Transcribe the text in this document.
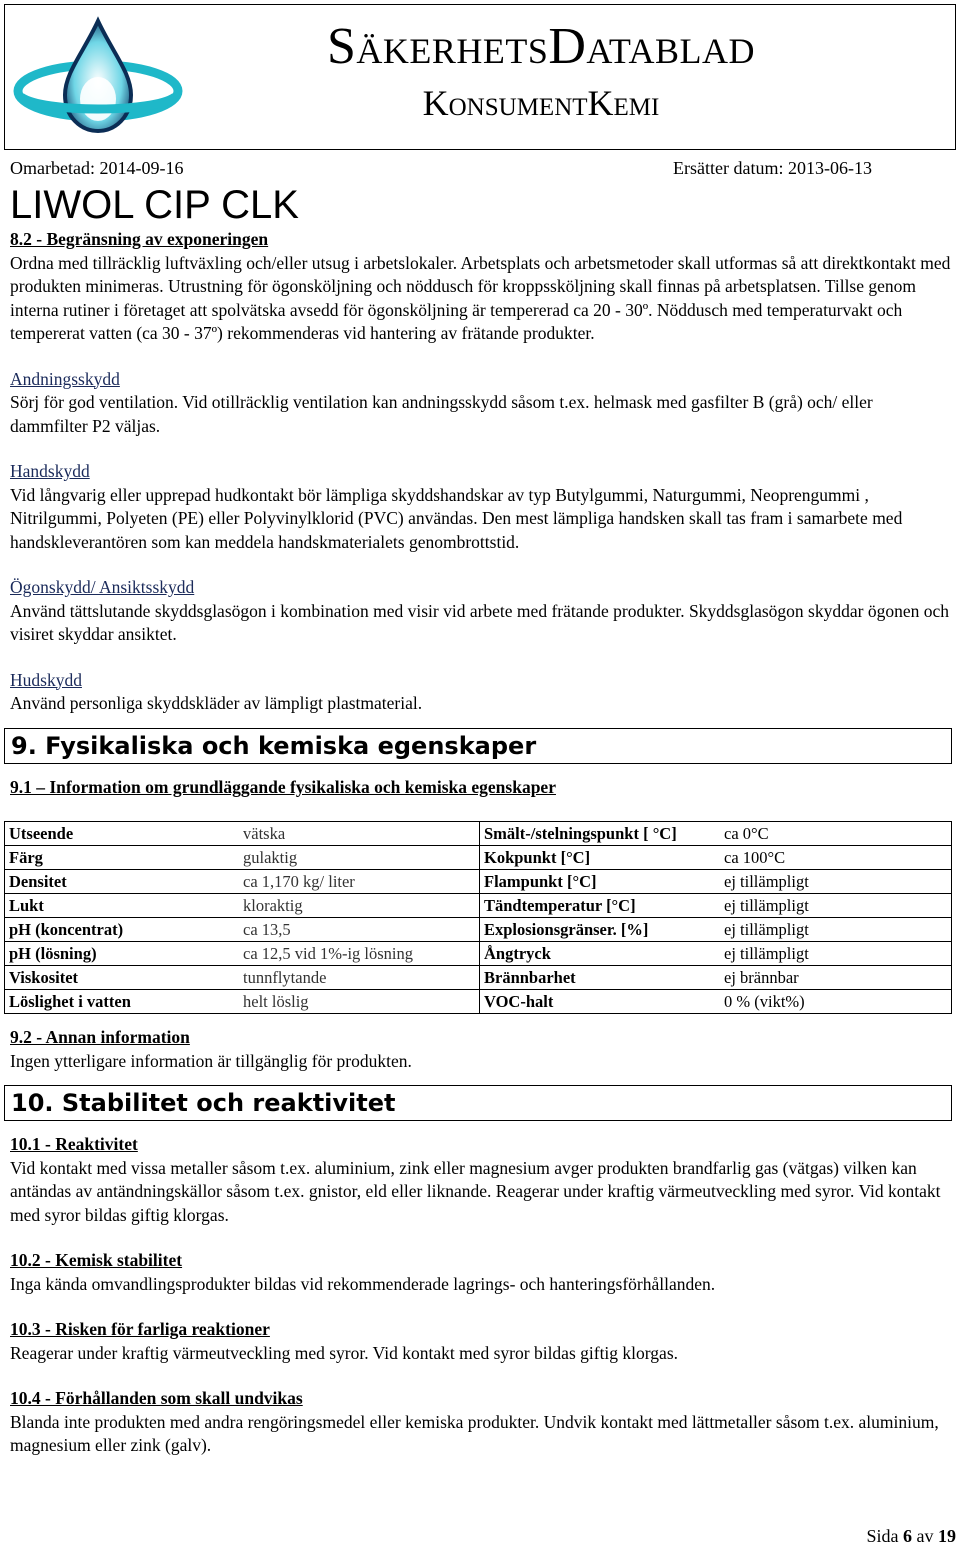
SäkerhetsDatablad
KonsumentKemi
Omarbetad: 2014-09-16	Ersätter datum: 2013-06-13
LIWOL CIP CLK
8.2 - Begränsning av exponeringen

Ordna med tillräcklig luftväxling och/eller utsug i arbetslokaler. Arbetsplats och arbetsmetoder skall utformas så att direktkontakt med produkten minimeras. Utrustning för ögonsköljning och nöddusch för kroppssköljning skall finnas på arbetsplatsen. Tillse genom interna rutiner i företaget att spolvätska avsedd för ögonsköljning är tempererad ca 20 - 30º. Nöddusch med temperaturvakt och tempererat vatten (ca 30 - 37º) rekommenderas vid hantering av frätande produkter.

Andningsskydd

Sörj för god ventilation. Vid otillräcklig ventilation kan andningsskydd såsom t.ex. helmask med gasfilter B (grå) och/ eller dammfilter P2 väljas.

Handskydd

Vid långvarig eller upprepad hudkontakt bör lämpliga skyddshandskar av typ Butylgummi, Naturgummi, Neoprengummi , Nitrilgummi, Polyeten (PE) eller Polyvinylklorid (PVC) användas. Den mest lämpliga handsken skall tas fram i samarbete med handskleverantören som kan meddela handskmaterialets genombrottstid.

Ögonskydd/ Ansiktsskydd

Använd tättslutande skyddsglasögon i kombination med visir vid arbete med frätande produkter. Skyddsglasögon skyddar ögonen och visiret skyddar ansiktet.

Hudskydd

Använd personliga skyddskläder av lämpligt plastmaterial.

9. Fysikaliska och kemiska egenskaper
9.1 – Information om grundläggande fysikaliska och kemiska egenskaper
Utseende	vätska	Smält-/stelningspunkt [ °C]	ca 0°C
Färg	gulaktig	Kokpunkt [°C]	ca 100°C
Densitet	ca 1,170 kg/ liter	Flampunkt [°C]	ej tillämpligt
Lukt	kloraktig	Tändtemperatur [°C]	ej tillämpligt
pH (koncentrat)	ca 13,5	Explosionsgränser. [%]	ej tillämpligt
pH (lösning)	ca 12,5 vid 1%-ig lösning	Ångtryck	ej tillämpligt
Viskositet	tunnflytande	Brännbarhet	ej brännbar
Löslighet i vatten	helt löslig	VOC-halt	0 % (vikt%)
9.2 - Annan information

Ingen ytterligare information är tillgänglig för produkten.

10. Stabilitet och reaktivitet
10.1 - Reaktivitet

Vid kontakt med vissa metaller såsom t.ex. aluminium, zink eller magnesium avger produkten brandfarlig gas (vätgas) vilken kan antändas av antändningskällor såsom t.ex. gnistor, eld eller liknande. Reagerar under kraftig värmeutveckling med syror. Vid kontakt med syror bildas giftig klorgas.

10.2 - Kemisk stabilitet

Inga kända omvandlingsprodukter bildas vid rekommenderade lagrings- och hanteringsförhållanden.

10.3 - Risken för farliga reaktioner

Reagerar under kraftig värmeutveckling med syror. Vid kontakt med syror bildas giftig klorgas.

10.4 - Förhållanden som skall undvikas

Blanda inte produkten med andra rengöringsmedel eller kemiska produkter. Undvik kontakt med lättmetaller såsom t.ex. aluminium, magnesium eller zink (galv).

Sida 6 av 19
